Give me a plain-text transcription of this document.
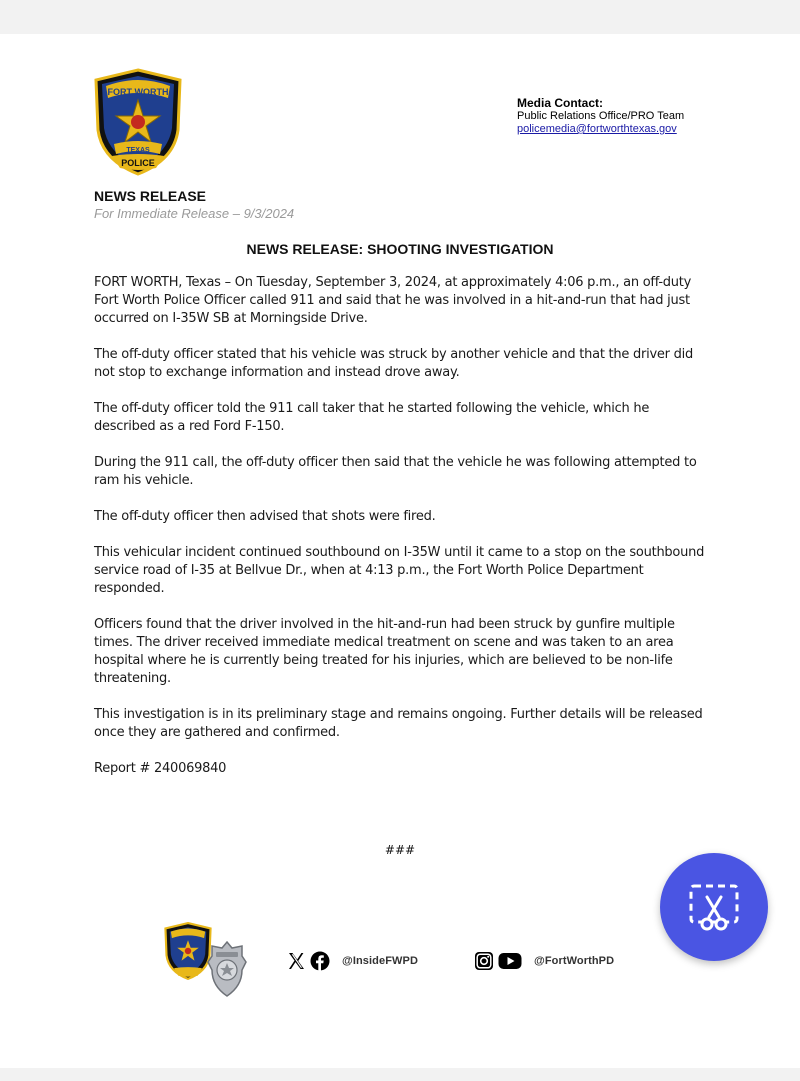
FORT WORTH
TEXAS
POLICE
Media Contact:
Public Relations Office/PRO Team
policemedia@fortworthtexas.gov
NEWS RELEASE
For Immediate Release – 9/3/2024
NEWS RELEASE: SHOOTING INVESTIGATION

FORT WORTH, Texas – On Tuesday, September 3, 2024, at approximately 4:06 p.m., an off-duty Fort Worth Police Officer called 911 and said that he was involved in a hit-and-run that had just occurred on I-35W SB at Morningside Drive.

The off-duty officer stated that his vehicle was struck by another vehicle and that the driver did not stop to exchange information and instead drove away.

The off-duty officer told the 911 call taker that he started following the vehicle, which he described as a red Ford F-150.

During the 911 call, the off-duty officer then said that the vehicle he was following attempted to ram his vehicle.

The off-duty officer then advised that shots were fired.

This vehicular incident continued southbound on I-35W until it came to a stop on the southbound service road of I-35 at Bellvue Dr., when at 4:13 p.m., the Fort Worth Police Department responded.

Officers found that the driver involved in the hit-and-run had been struck by gunfire multiple times. The driver received immediate medical treatment on scene and was taken to an area hospital where he is currently being treated for his injuries, which are believed to be non-life threatening.

This investigation is in its preliminary stage and remains ongoing. Further details will be released once they are gathered and confirmed.

Report # 240069840

###
@InsideFWPD	@FortWorthPD
